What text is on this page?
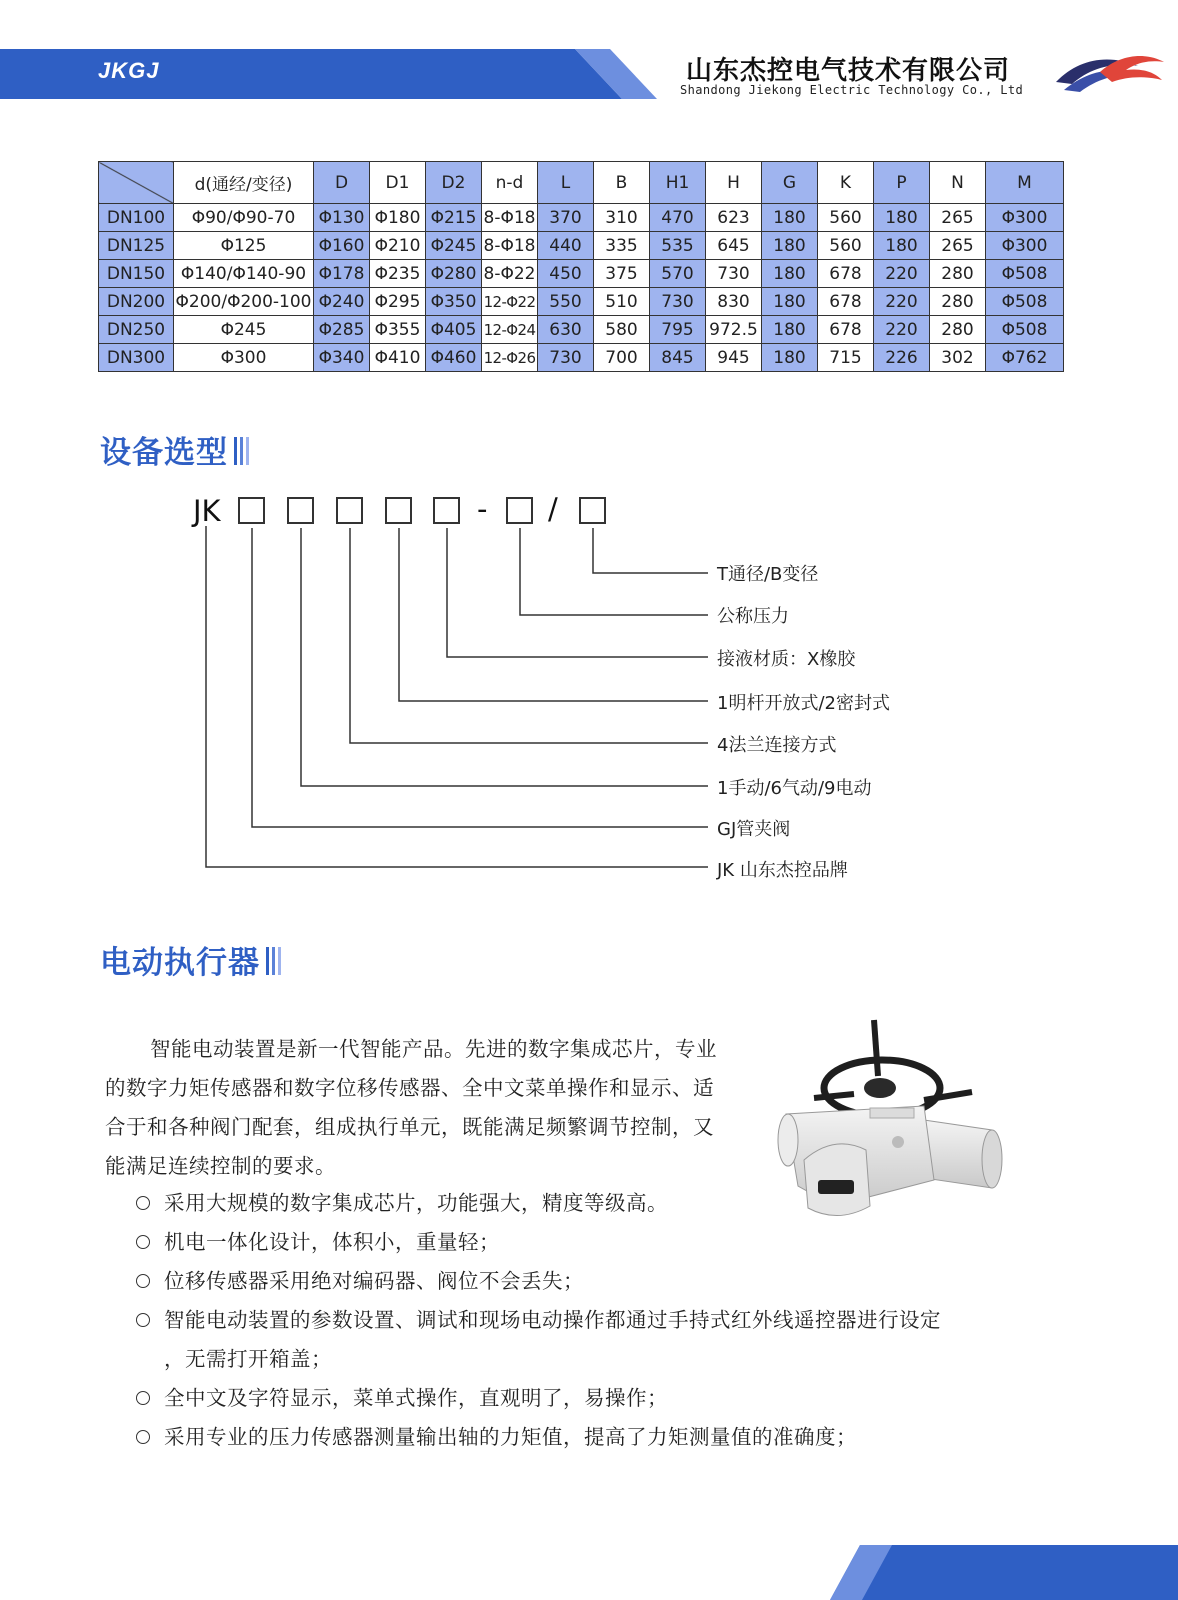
JKGJ	山东杰控电气技术有限公司
Shandong Jiekong Electric Technology Co., Ltd
	d(通经/变径)	D	D1	D2	n-d	L	B	H1	H	G	K	P	N	M
DN100	Φ90/Φ90-70	Φ130	Φ180	Φ215	8-Φ18	370	310	470	623	180	560	180	265	Φ300
DN125	Φ125	Φ160	Φ210	Φ245	8-Φ18	440	335	535	645	180	560	180	265	Φ300
DN150	Φ140/Φ140-90	Φ178	Φ235	Φ280	8-Φ22	450	375	570	730	180	678	220	280	Φ508
DN200	Φ200/Φ200-100	Φ240	Φ295	Φ350	12-Φ22	550	510	730	830	180	678	220	280	Φ508
DN250	Φ245	Φ285	Φ355	Φ405	12-Φ24	630	580	795	972.5	180	678	220	280	Φ508
DN300	Φ300	Φ340	Φ410	Φ460	12-Φ26	730	700	845	945	180	715	226	302	Φ762
设备选型
JK	- /
T通径/B变径
公称压力
接液材质：X橡胶
1明杆开放式/2密封式
4法兰连接方式
1手动/6气动/9电动
GJ管夹阀
JK 山东杰控品牌
电动执行器

智能电动装置是新一代智能产品。先进的数字集成芯片，专业的数字力矩传感器和数字位移传感器、全中文菜单操作和显示、适合于和各种阀门配套，组成执行单元，既能满足频繁调节控制，又能满足连续控制的要求。

采用大规模的数字集成芯片，功能强大，精度等级高。
机电一体化设计，体积小，重量轻；
位移传感器采用绝对编码器、阀位不会丢失；
智能电动装置的参数设置、调试和现场电动操作都通过手持式红外线遥控器进行设定
，无需打开箱盖；
全中文及字符显示，菜单式操作，直观明了，易操作；
采用专业的压力传感器测量输出轴的力矩值，提高了力矩测量值的准确度；
